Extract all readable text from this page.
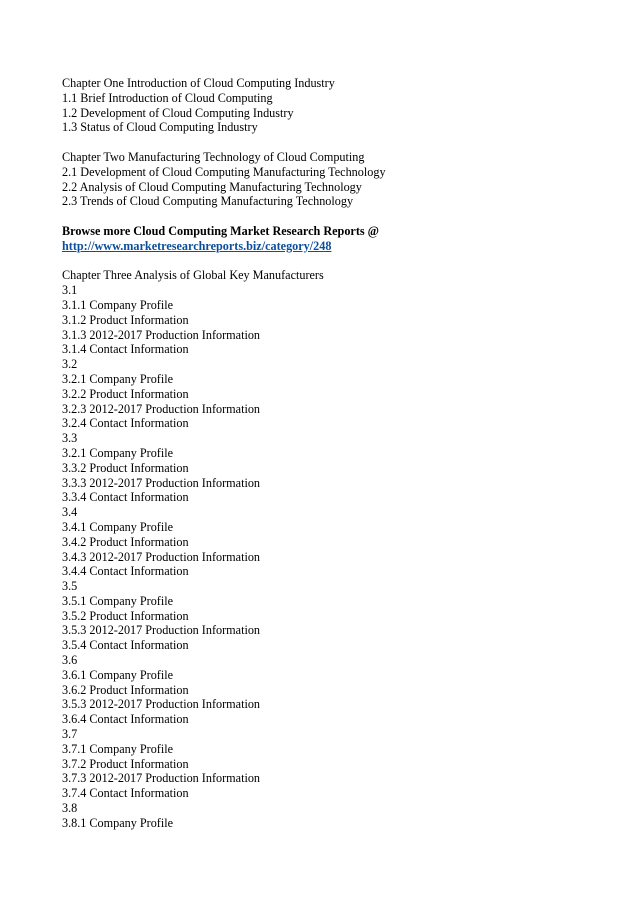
Chapter One Introduction of Cloud Computing Industry
1.1 Brief Introduction of Cloud Computing
1.2 Development of Cloud Computing Industry
1.3 Status of Cloud Computing Industry
Chapter Two Manufacturing Technology of Cloud Computing
2.1 Development of Cloud Computing Manufacturing Technology
2.2 Analysis of Cloud Computing Manufacturing Technology
2.3 Trends of Cloud Computing Manufacturing Technology
Browse more Cloud Computing Market Research Reports @
http://www.marketresearchreports.biz/category/248
Chapter Three Analysis of Global Key Manufacturers
3.1
3.1.1 Company Profile
3.1.2 Product Information
3.1.3 2012-2017 Production Information
3.1.4 Contact Information
3.2
3.2.1 Company Profile
3.2.2 Product Information
3.2.3 2012-2017 Production Information
3.2.4 Contact Information
3.3
3.2.1 Company Profile
3.3.2 Product Information
3.3.3 2012-2017 Production Information
3.3.4 Contact Information
3.4
3.4.1 Company Profile
3.4.2 Product Information
3.4.3 2012-2017 Production Information
3.4.4 Contact Information
3.5
3.5.1 Company Profile
3.5.2 Product Information
3.5.3 2012-2017 Production Information
3.5.4 Contact Information
3.6
3.6.1 Company Profile
3.6.2 Product Information
3.5.3 2012-2017 Production Information
3.6.4 Contact Information
3.7
3.7.1 Company Profile
3.7.2 Product Information
3.7.3 2012-2017 Production Information
3.7.4 Contact Information
3.8
3.8.1 Company Profile
